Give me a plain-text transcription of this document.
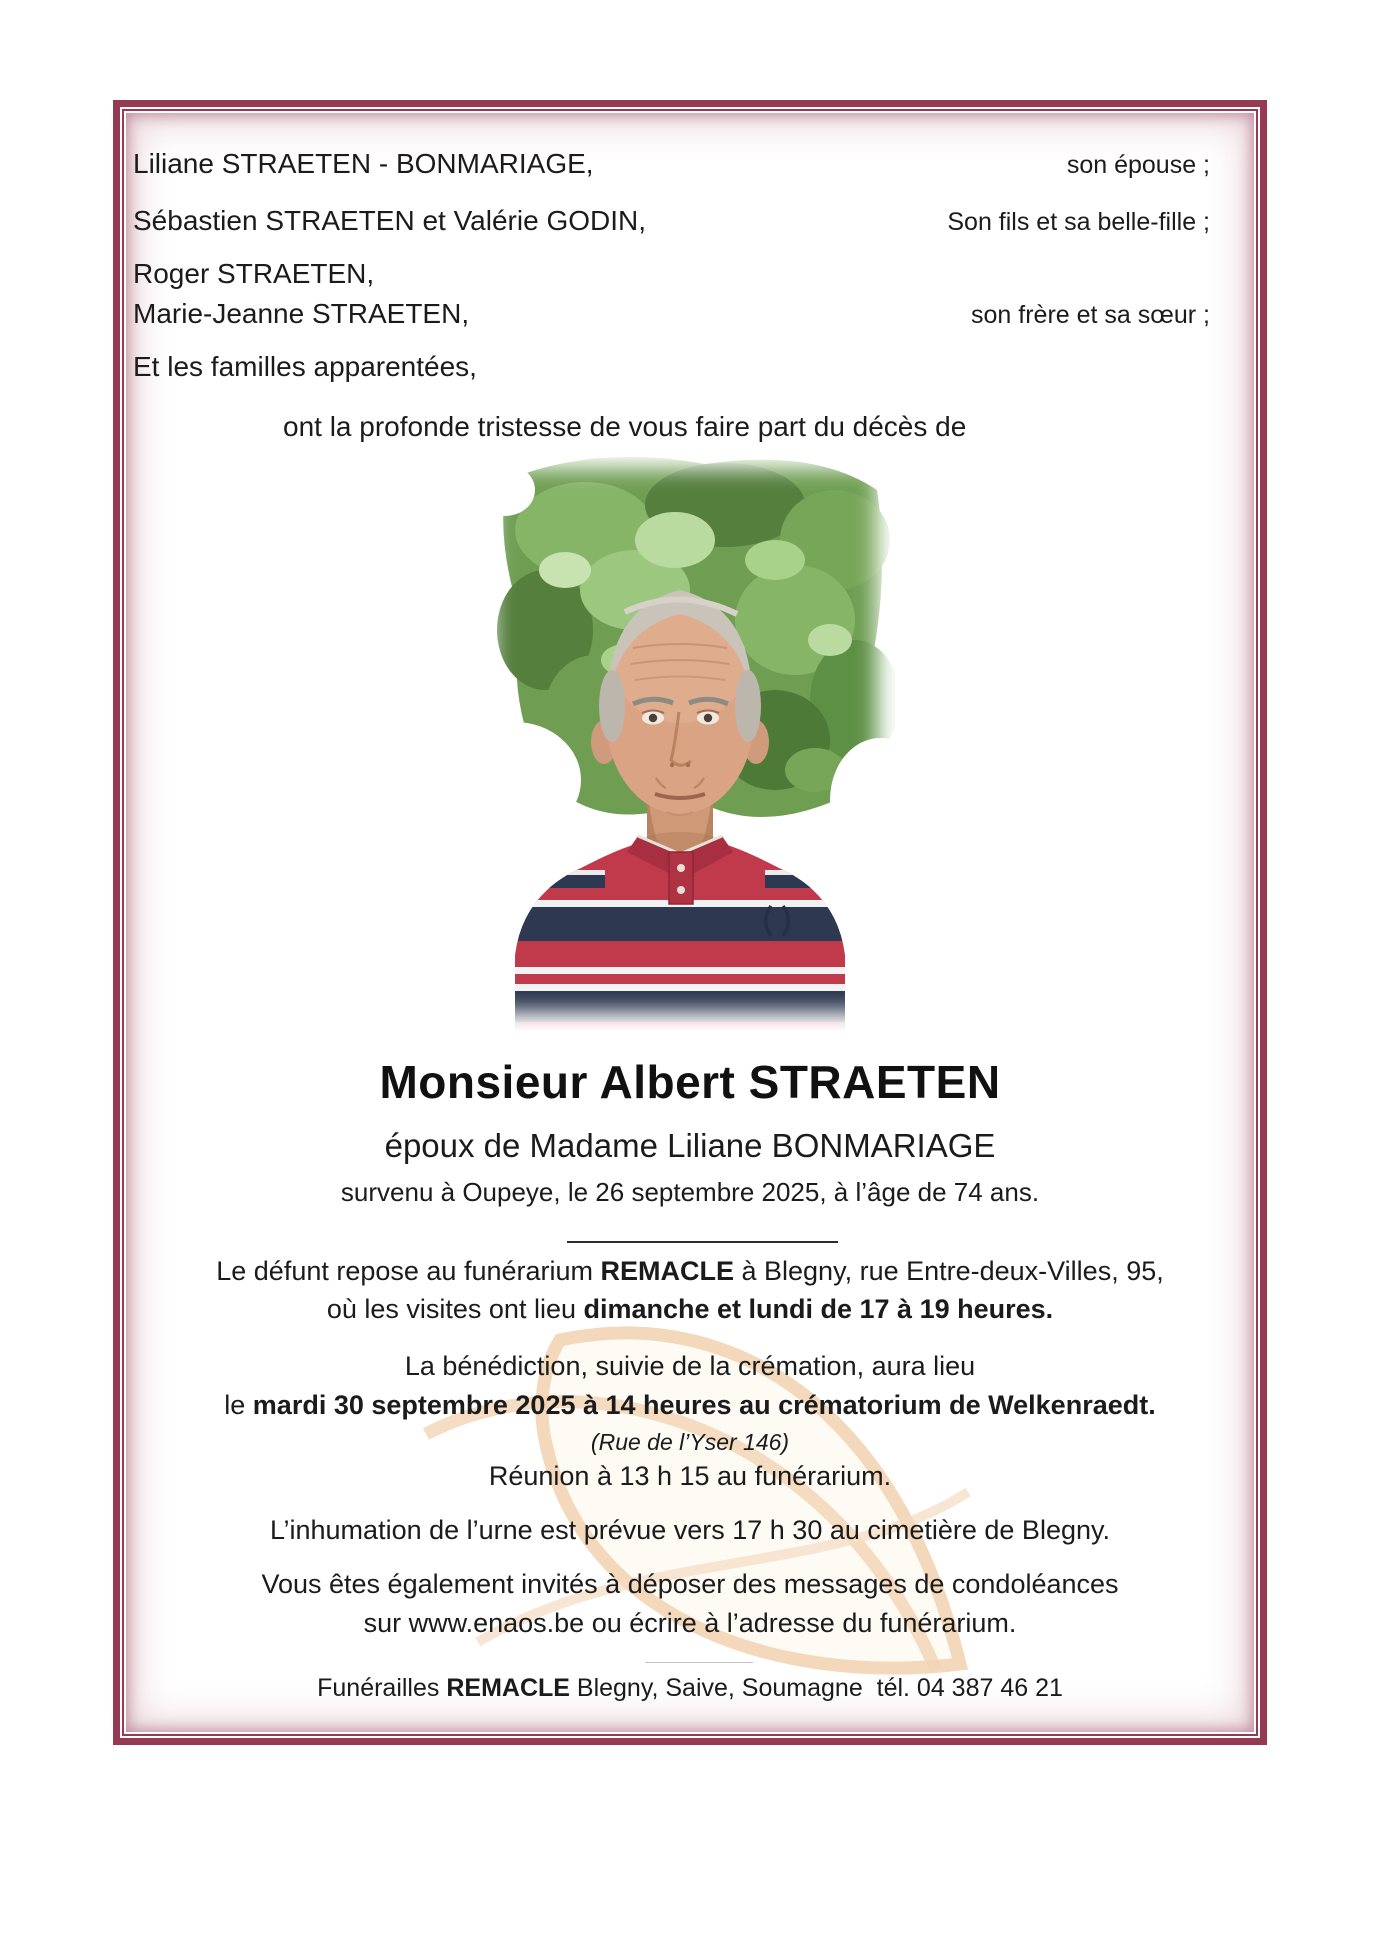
Liliane STRAETEN - BONMARIAGE,	son épouse ;
Sébastien STRAETEN et Valérie GODIN,	Son fils et sa belle-fille ;
Roger STRAETEN,
Marie-Jeanne STRAETEN,	son frère et sa sœur ;
Et les familles apparentées,
ont la profonde tristesse de vous faire part du décès de
Monsieur Albert STRAETEN
époux de Madame Liliane BONMARIAGE
survenu à Oupeye, le 26 septembre 2025, à l’âge de 74 ans.
Le défunt repose au funérarium REMACLE à Blegny, rue Entre-deux-Villes, 95,
où les visites ont lieu dimanche et lundi de 17 à 19 heures.
La bénédiction, suivie de la crémation, aura lieu
le mardi 30 septembre 2025 à 14 heures au crématorium de Welkenraedt.
(Rue de l’Yser 146)
Réunion à 13 h 15 au funérarium.
L’inhumation de l’urne est prévue vers 17 h 30 au cimetière de Blegny.
Vous êtes également invités à déposer des messages de condoléances
sur www.enaos.be ou écrire à l’adresse du funérarium.
Funérailles REMACLE Blegny, Saive, Soumagne  tél. 04 387 46 21
